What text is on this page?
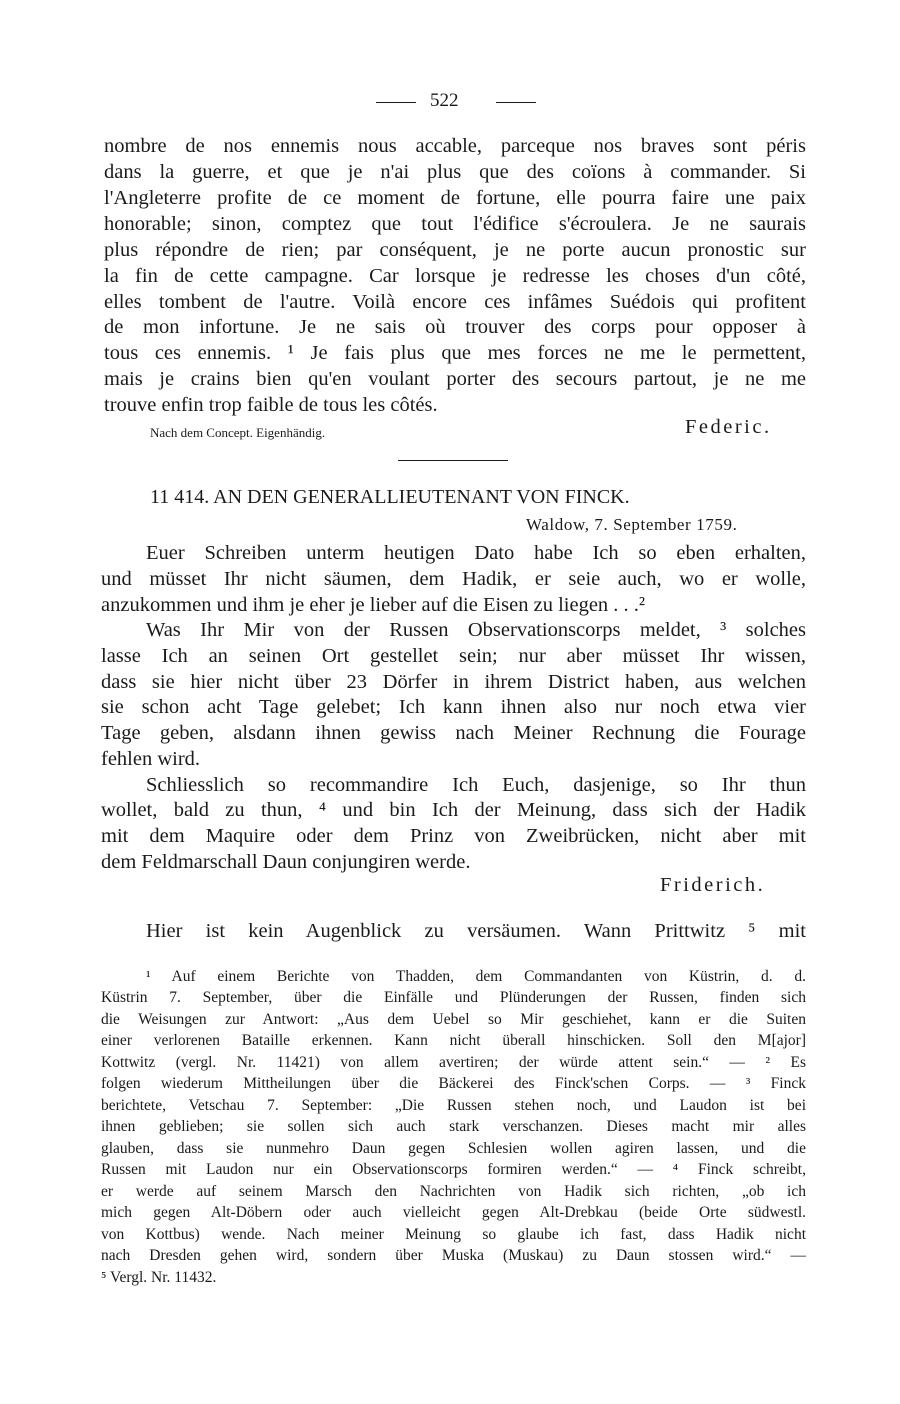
522
nombre de nos ennemis nous accable, parceque nos braves sont péris
dans la guerre, et que je n'ai plus que des coïons à commander. Si
l'Angleterre profite de ce moment de fortune, elle pourra faire une paix
honorable; sinon, comptez que tout l'édifice s'écroulera. Je ne saurais
plus répondre de rien; par conséquent, je ne porte aucun pronostic sur
la fin de cette campagne. Car lorsque je redresse les choses d'un côté,
elles tombent de l'autre. Voilà encore ces infâmes Suédois qui profitent
de mon infortune. Je ne sais où trouver des corps pour opposer à
tous ces ennemis. ¹ Je fais plus que mes forces ne me le permettent,
mais je crains bien qu'en voulant porter des secours partout, je ne me
trouve enfin trop faible de tous les côtés.
Nach dem Concept. Eigenhändig.	Federic.
11 414. AN DEN GENERALLIEUTENANT VON FINCK.
Waldow, 7. September 1759.
Euer Schreiben unterm heutigen Dato habe Ich so eben erhalten,
und müsset Ihr nicht säumen, dem Hadik, er seie auch, wo er wolle,
anzukommen und ihm je eher je lieber auf die Eisen zu liegen . . .²
Was Ihr Mir von der Russen Observationscorps meldet, ³ solches
lasse Ich an seinen Ort gestellet sein; nur aber müsset Ihr wissen,
dass sie hier nicht über 23 Dörfer in ihrem District haben, aus welchen
sie schon acht Tage gelebet; Ich kann ihnen also nur noch etwa vier
Tage geben, alsdann ihnen gewiss nach Meiner Rechnung die Fourage
fehlen wird.
Schliesslich so recommandire Ich Euch, dasjenige, so Ihr thun
wollet, bald zu thun, ⁴ und bin Ich der Meinung, dass sich der Hadik
mit dem Maquire oder dem Prinz von Zweibrücken, nicht aber mit
dem Feldmarschall Daun conjungiren werde.
Friderich.
Hier ist kein Augenblick zu versäumen. Wann Prittwitz ⁵ mit
¹ Auf einem Berichte von Thadden, dem Commandanten von Küstrin, d. d.
Küstrin 7. September, über die Einfälle und Plünderungen der Russen, finden sich
die Weisungen zur Antwort: „Aus dem Uebel so Mir geschiehet, kann er die Suiten
einer verlorenen Bataille erkennen. Kann nicht überall hinschicken. Soll den M[ajor]
Kottwitz (vergl. Nr. 11421) von allem avertiren; der würde attent sein.“ — ² Es
folgen wiederum Mittheilungen über die Bäckerei des Finck'schen Corps. — ³ Finck
berichtete, Vetschau 7. September: „Die Russen stehen noch, und Laudon ist bei
ihnen geblieben; sie sollen sich auch stark verschanzen. Dieses macht mir alles
glauben, dass sie nunmehro Daun gegen Schlesien wollen agiren lassen, und die
Russen mit Laudon nur ein Observationscorps formiren werden.“ — ⁴ Finck schreibt,
er werde auf seinem Marsch den Nachrichten von Hadik sich richten, „ob ich
mich gegen Alt-Döbern oder auch vielleicht gegen Alt-Drebkau (beide Orte südwestl.
von Kottbus) wende. Nach meiner Meinung so glaube ich fast, dass Hadik nicht
nach Dresden gehen wird, sondern über Muska (Muskau) zu Daun stossen wird.“ —
⁵ Vergl. Nr. 11432.
